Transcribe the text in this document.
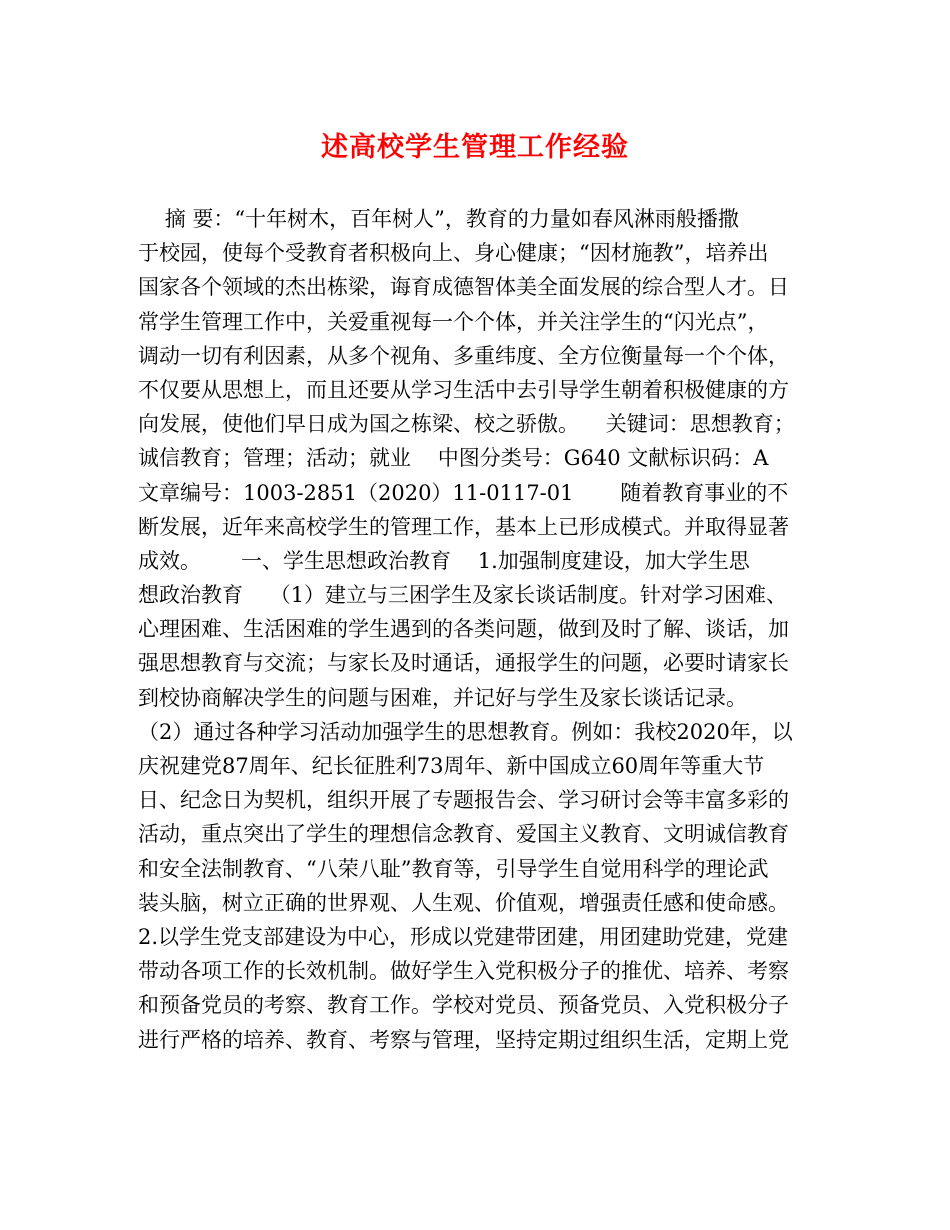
述高校学生管理工作经验
摘 要：“十年树木，百年树人”，教育的力量如春风淋雨般播撒
于校园，使每个受教育者积极向上、身心健康；“因材施教”，培养出
国家各个领域的杰出栋梁，诲育成德智体美全面发展的综合型人才。日
常学生管理工作中，关爱重视每一个个体，并关注学生的“闪光点”，
调动一切有利因素，从多个视角、多重纬度、全方位衡量每一个个体，
不仅要从思想上，而且还要从学习生活中去引导学生朝着积极健康的方
向发展，使他们早日成为国之栋梁、校之骄傲。    关键词：思想教育；
诚信教育；管理；活动；就业    中图分类号：G640 文献标识码：A
文章编号：1003-2851（2020）11-0117-01       随着教育事业的不
断发展，近年来高校学生的管理工作，基本上已形成模式。并取得显著
成效。      一、学生思想政治教育    1.加强制度建设，加大学生思
想政治教育    （1）建立与三困学生及家长谈话制度。针对学习困难、
心理困难、生活困难的学生遇到的各类问题，做到及时了解、谈话，加
强思想教育与交流；与家长及时通话，通报学生的问题，必要时请家长
到校协商解决学生的问题与困难，并记好与学生及家长谈话记录。
（2）通过各种学习活动加强学生的思想教育。例如：我校2020年，以
庆祝建党87周年、纪长征胜利73周年、新中国成立60周年等重大节
日、纪念日为契机，组织开展了专题报告会、学习研讨会等丰富多彩的
活动，重点突出了学生的理想信念教育、爱国主义教育、文明诚信教育
和安全法制教育、“八荣八耻”教育等，引导学生自觉用科学的理论武
装头脑，树立正确的世界观、人生观、价值观，增强责任感和使命感。
2.以学生党支部建设为中心，形成以党建带团建，用团建助党建，党建
带动各项工作的长效机制。做好学生入党积极分子的推优、培养、考察
和预备党员的考察、教育工作。学校对党员、预备党员、入党积极分子
进行严格的培养、教育、考察与管理，坚持定期过组织生活，定期上党
